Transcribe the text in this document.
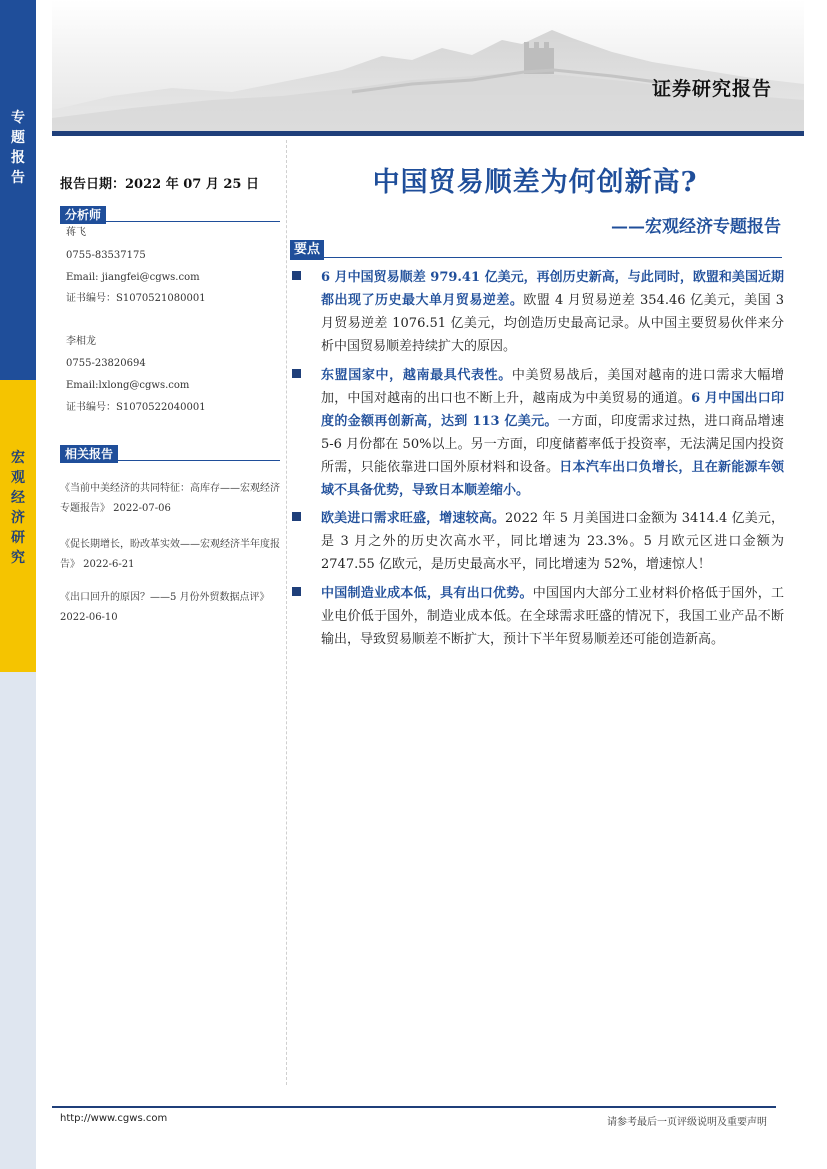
专
题
报
告
宏
观
经
济
研
究
证券研究报告
报告日期：2022 年 07 月 25 日
分析师
蒋飞
0755-83537175
Email: jiangfei@cgws.com
证书编号：S1070521080001
李相龙
0755-23820694
Email:lxlong@cgws.com
证书编号：S1070522040001
相关报告
《当前中美经济的共同特征：高库存——宏观经济专题报告》 2022-07-06
《促长期增长，盼改革实效——宏观经济半年度报告》 2022-6-21
《出口回升的原因？——5 月份外贸数据点评》2022-06-10
中国贸易顺差为何创新高?
——宏观经济专题报告
要点
6 月中国贸易顺差 979.41 亿美元，再创历史新高，与此同时，欧盟和美国近期都出现了历史最大单月贸易逆差。欧盟 4 月贸易逆差 354.46 亿美元，美国 3 月贸易逆差 1076.51 亿美元，均创造历史最高记录。从中国主要贸易伙伴来分析中国贸易顺差持续扩大的原因。
东盟国家中，越南最具代表性。中美贸易战后，美国对越南的进口需求大幅增加，中国对越南的出口也不断上升，越南成为中美贸易的通道。6 月中国出口印度的金额再创新高，达到 113 亿美元。一方面，印度需求过热，进口商品增速 5-6 月份都在 50%以上。另一方面，印度储蓄率低于投资率，无法满足国内投资所需，只能依靠进口国外原材料和设备。日本汽车出口负增长，且在新能源车领域不具备优势，导致日本顺差缩小。
欧美进口需求旺盛，增速较高。2022 年 5 月美国进口金额为 3414.4 亿美元，是 3 月之外的历史次高水平，同比增速为 23.3%。5 月欧元区进口金额为 2747.55 亿欧元，是历史最高水平，同比增速为 52%，增速惊人！
中国制造业成本低，具有出口优势。中国国内大部分工业材料价格低于国外，工业电价低于国外，制造业成本低。在全球需求旺盛的情况下，我国工业产品不断输出，导致贸易顺差不断扩大，预计下半年贸易顺差还可能创造新高。
http://www.cgws.com	请参考最后一页评级说明及重要声明
